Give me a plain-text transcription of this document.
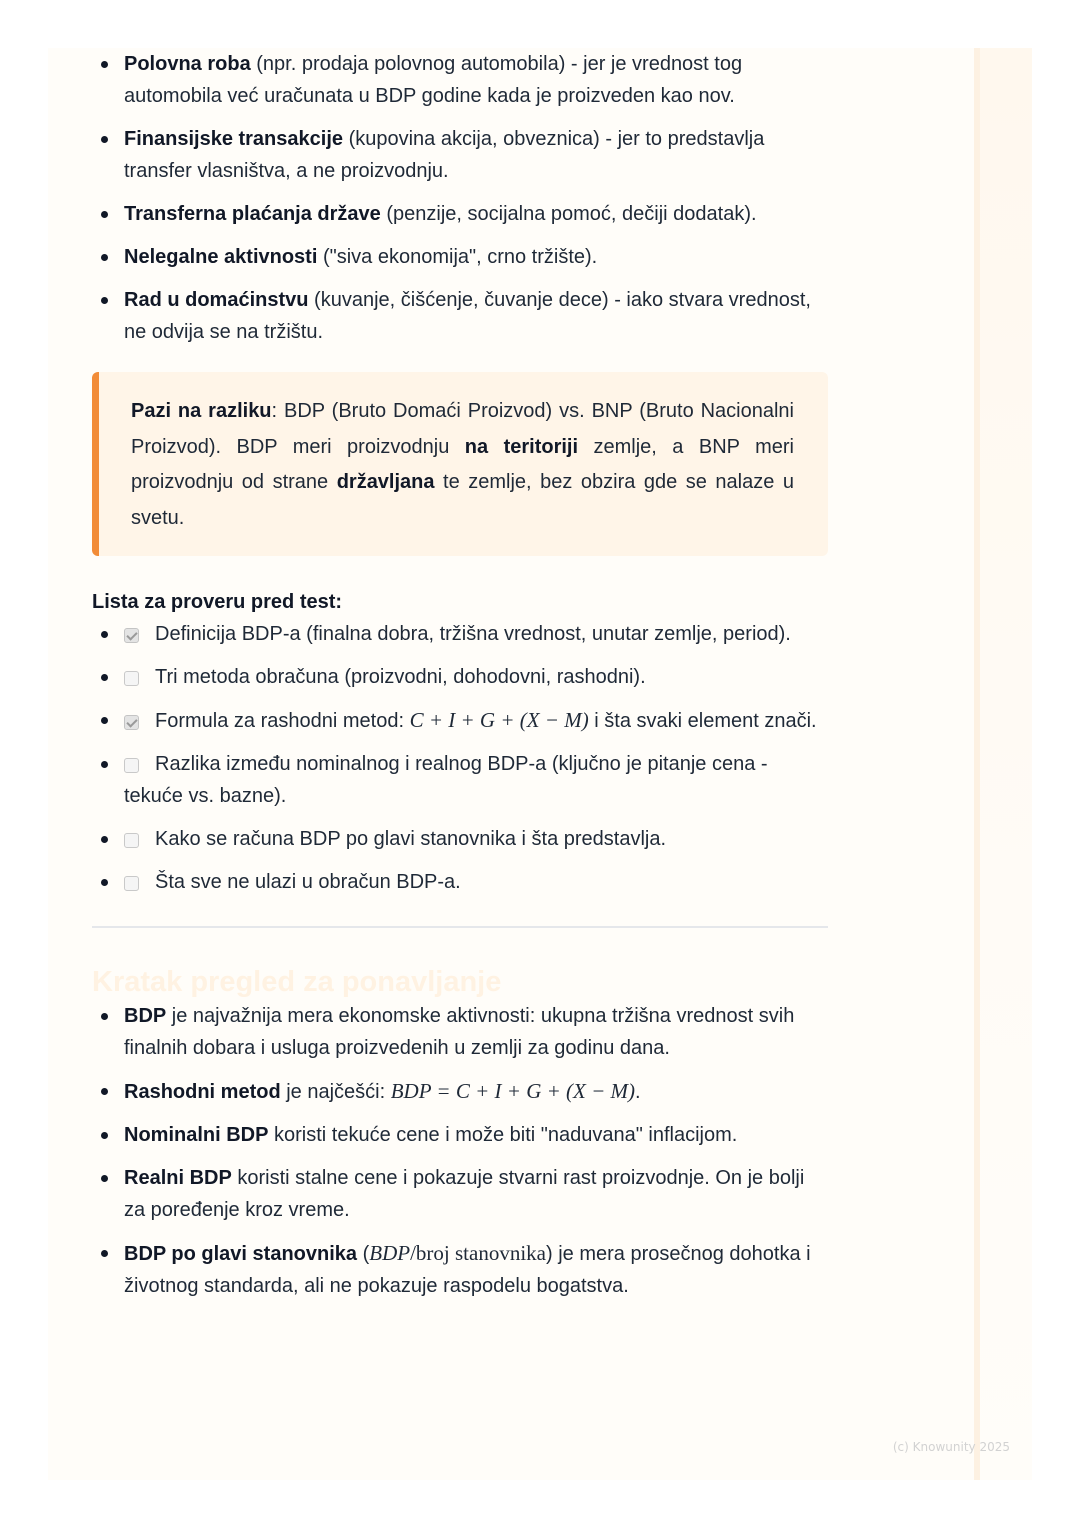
Polovna roba (npr. prodaja polovnog automobila) - jer je vrednost tog automobila već uračunata u BDP godine kada je proizveden kao nov.
Finansijske transakcije (kupovina akcija, obveznica) - jer to predstavlja transfer vlasništva, a ne proizvodnju.
Transferna plaćanja države (penzije, socijalna pomoć, dečiji dodatak).
Nelegalne aktivnosti ("siva ekonomija", crno tržište).
Rad u domaćinstvu (kuvanje, čišćenje, čuvanje dece) - iako stvara vrednost, ne odvija se na tržištu.
Pazi na razliku: BDP (Bruto Domaći Proizvod) vs. BNP (Bruto Nacionalni Proizvod). BDP meri proizvodnju na teritoriji zemlje, a BNP meri proizvodnju od strane državljana te zemlje, bez obzira gde se nalaze u svetu.
Lista za proveru pred test:
Definicija BDP-a (finalna dobra, tržišna vrednost, unutar zemlje, period).
Tri metoda obračuna (proizvodni, dohodovni, rashodni).
Formula za rashodni metod: C + I + G + (X − M) i šta svaki element znači.
Razlika između nominalnog i realnog BDP-a (ključno je pitanje cena - tekuće vs. bazne).
Kako se računa BDP po glavi stanovnika i šta predstavlja.
Šta sve ne ulazi u obračun BDP-a.
Kratak pregled za ponavljanje
BDP je najvažnija mera ekonomske aktivnosti: ukupna tržišna vrednost svih finalnih dobara i usluga proizvedenih u zemlji za godinu dana.
Rashodni metod je najčešći: BDP = C + I + G + (X − M).
Nominalni BDP koristi tekuće cene i može biti "naduvana" inflacijom.
Realni BDP koristi stalne cene i pokazuje stvarni rast proizvodnje. On je bolji za poređenje kroz vreme.
BDP po glavi stanovnika (BDP/broj stanovnika) je mera prosečnog dohotka i životnog standarda, ali ne pokazuje raspodelu bogatstva.
(c) Knowunity 2025
